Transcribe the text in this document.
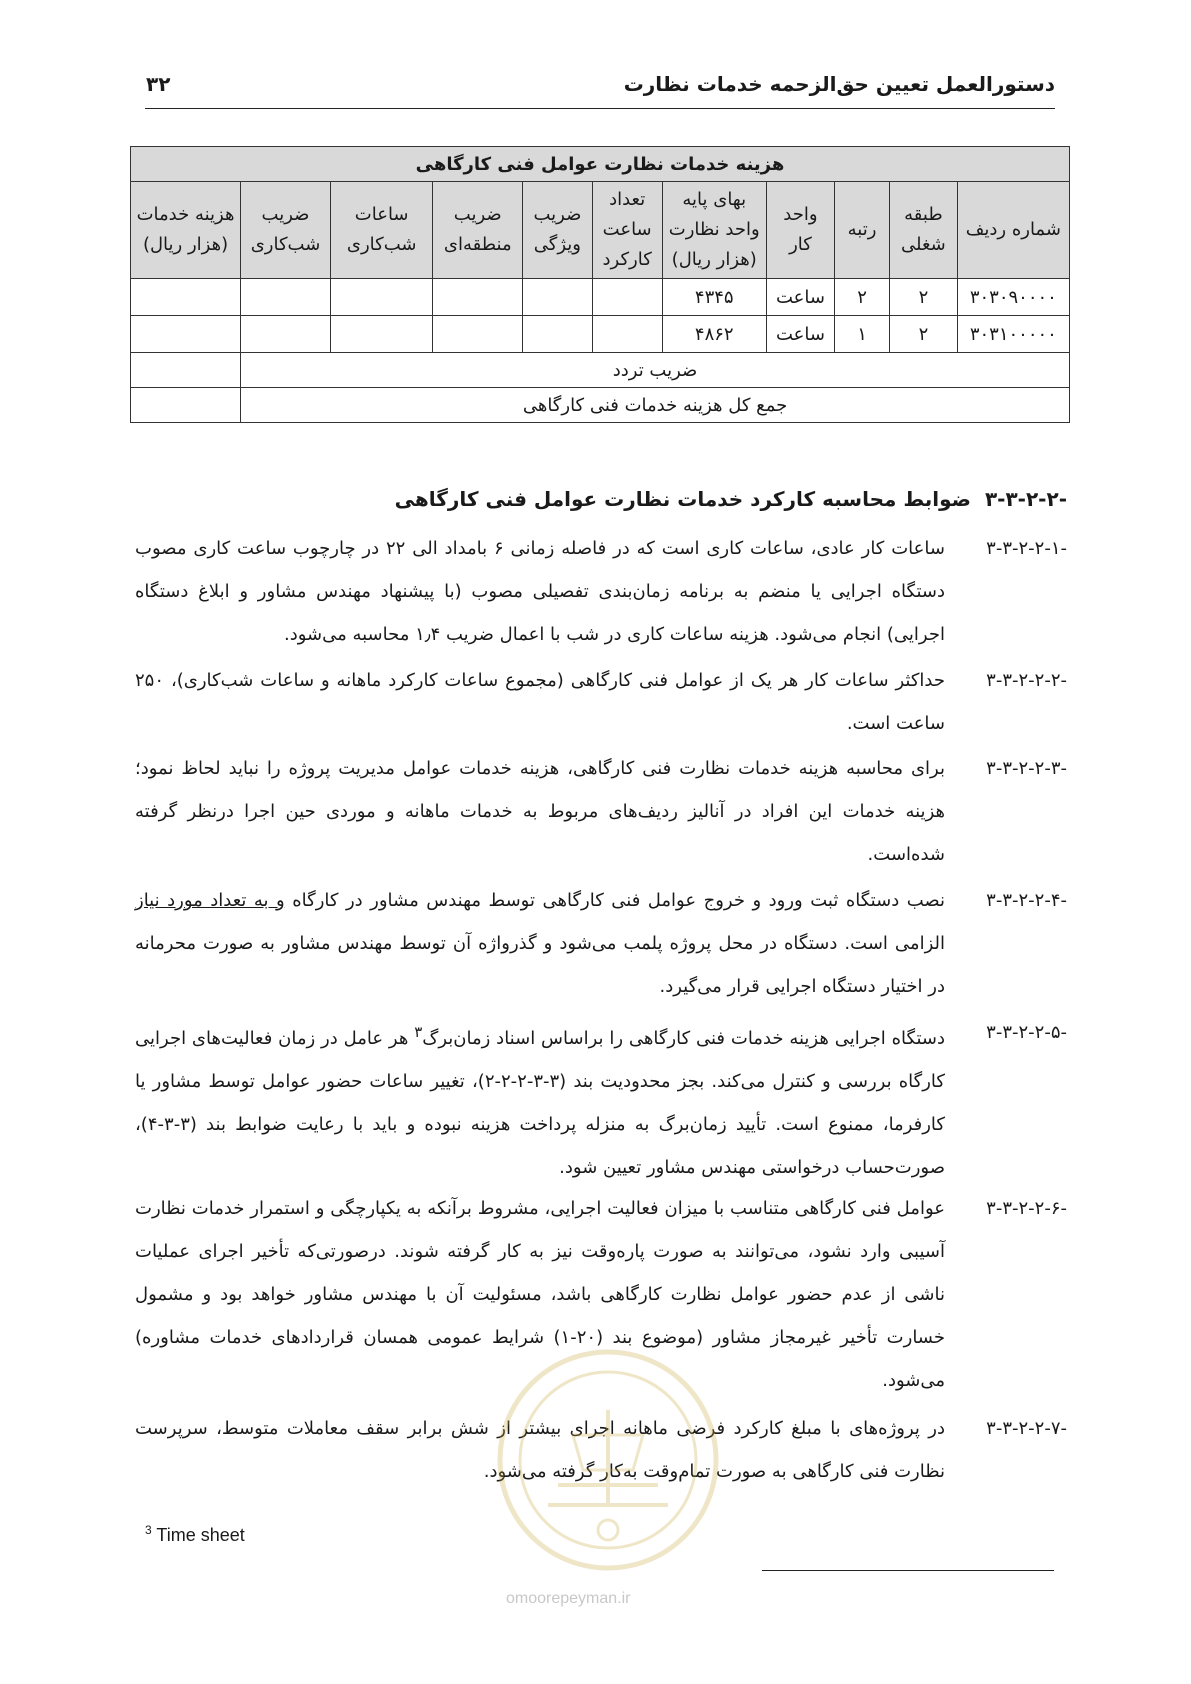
دستورالعمل تعیین حق‌الزحمه خدمات نظارت
۳۲
هزینه خدمات نظارت عوامل فنی کارگاهی										
شماره ردیف	طبقه شغلی	رتبه	واحد کار	بهای پایه واحد نظارت (هزار ریال)	تعداد ساعت کارکرد	ضریب ویژگی	ضریب منطقه‌ای	ساعات شب‌کاری	ضریب شب‌کاری	هزینه خدمات (هزار ریال)
۳۰۳۰۹۰۰۰۰	۲	۲	ساعت	۴۳۴۵						
۳۰۳۱۰۰۰۰۰	۲	۱	ساعت	۴۸۶۲						
ضریب تردد										
جمع کل هزینه خدمات فنی کارگاهی										
-۳-۳-۲-۲  ضوابط محاسبه کارکرد خدمات نظارت عوامل فنی کارگاهی
-۳-۳-۲-۲-۱
ساعات کار عادی، ساعات کاری است که در فاصله زمانی ۶ بامداد الی ۲۲ در چارچوب ساعت کاری مصوب دستگاه اجرایی یا منضم به برنامه زمان‌بندی تفصیلی مصوب (با پیشنهاد مهندس مشاور و ابلاغ دستگاه اجرایی) انجام می‌شود. هزینه ساعات کاری در شب با اعمال ضریب ۱٫۴ محاسبه می‌شود.
-۳-۳-۲-۲-۲
حداکثر ساعات کار هر یک از عوامل فنی کارگاهی (مجموع ساعات کارکرد ماهانه و ساعات شب‌کاری)، ۲۵۰ ساعت است.
-۳-۳-۲-۲-۳
برای محاسبه هزینه خدمات نظارت فنی کارگاهی، هزینه خدمات عوامل مدیریت پروژه را نباید لحاظ نمود؛ هزینه خدمات این افراد در آنالیز ردیف‌های مربوط به خدمات ماهانه و موردی حین اجرا درنظر گرفته شده‌است.
-۳-۳-۲-۲-۴
نصب دستگاه ثبت ورود و خروج عوامل فنی کارگاهی توسط مهندس مشاور در کارگاه و به تعداد مورد نیاز الزامی است. دستگاه در محل پروژه پلمب می‌شود و گذرواژه آن توسط مهندس مشاور به صورت محرمانه در اختیار دستگاه اجرایی قرار می‌گیرد.
-۳-۳-۲-۲-۵
دستگاه اجرایی هزینه خدمات فنی کارگاهی را براساس اسناد زمان‌برگ$^۳$ هر عامل در زمان فعالیت‌های اجرایی کارگاه بررسی و کنترل می‌کند. بجز محدودیت بند (۳-۳-۲-۲-۲)، تغییر ساعات حضور عوامل توسط مشاور یا کارفرما، ممنوع است. تأیید زمان‌برگ به منزله پرداخت هزینه نبوده و باید با رعایت ضوابط بند (۳-۳-۴)، صورت‌حساب درخواستی مهندس مشاور تعیین شود.
-۳-۳-۲-۲-۶
عوامل فنی کارگاهی متناسب با میزان فعالیت اجرایی، مشروط برآنکه به یکپارچگی و استمرار خدمات نظارت آسیبی وارد نشود، می‌توانند به صورت پاره‌وقت نیز به کار گرفته شوند. درصورتی‌که تأخیر اجرای عملیات ناشی از عدم حضور عوامل نظارت کارگاهی باشد، مسئولیت آن با مهندس مشاور خواهد بود و مشمول خسارت تأخیر غیرمجاز مشاور (موضوع بند (۲۰-۱) شرایط عمومی همسان قراردادهای خدمات مشاوره) می‌شود.
-۳-۳-۲-۲-۷
در پروژه‌های با مبلغ کارکرد فرضی ماهانه اجرای بیشتر از شش برابر سقف معاملات متوسط، سرپرست نظارت فنی کارگاهی به صورت تمام‌وقت به‌کار گرفته می‌شود.
omoorepeyman.ir
$^3$ Time sheet
